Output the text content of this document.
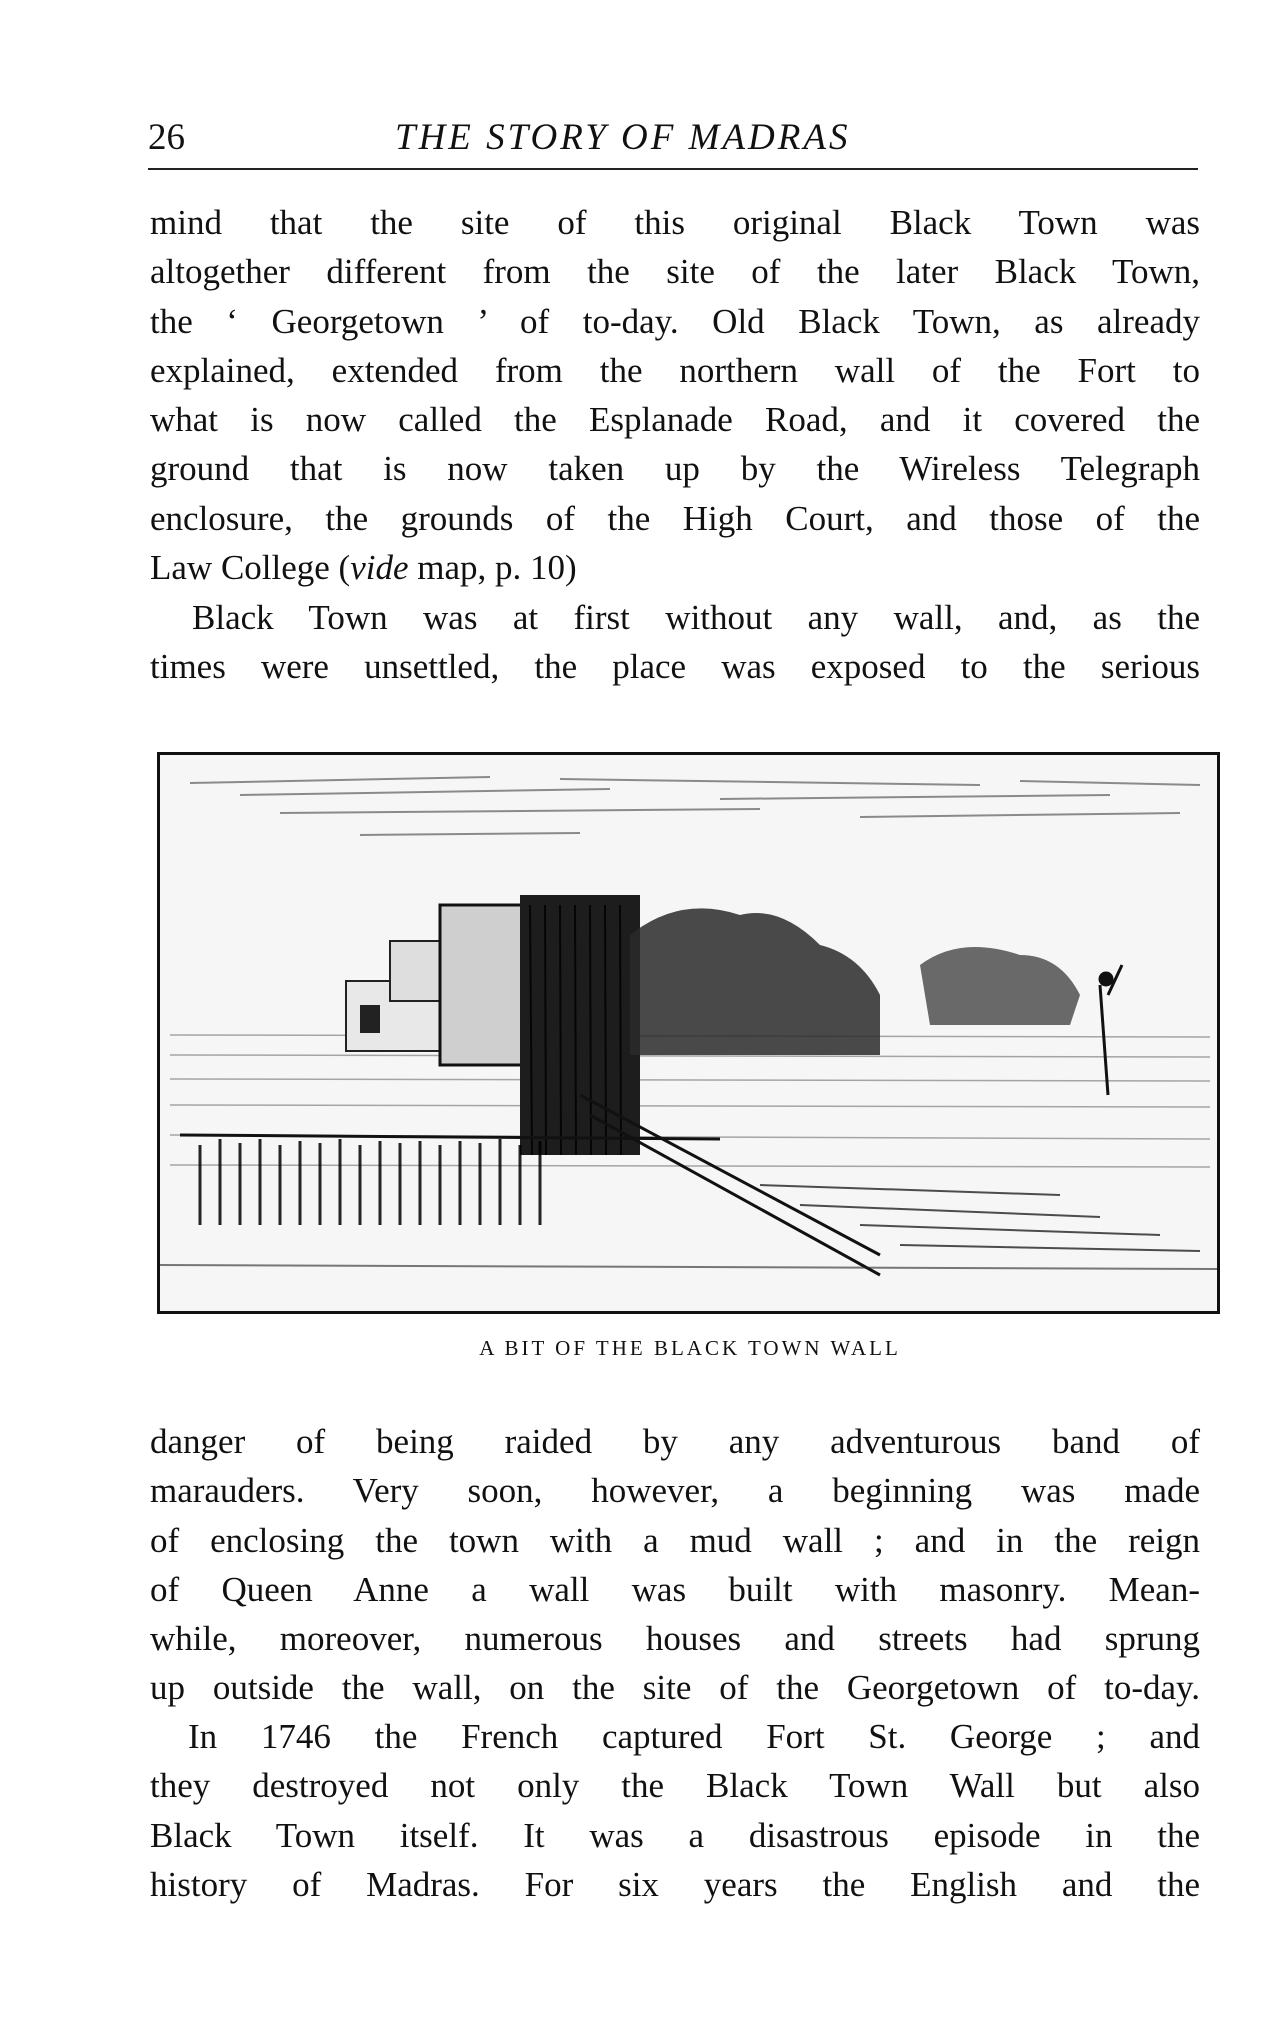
26	THE STORY OF MADRAS
mind that the site of this original Black Town was
altogether different from the site of the later Black Town,
the ‘ Georgetown ’ of to-day. Old Black Town, as already
explained, extended from the northern wall of the Fort to
what is now called the Esplanade Road, and it covered the
ground that is now taken up by the Wireless Telegraph
enclosure, the grounds of the High Court, and those of the
Law College (vide map, p. 10)
Black Town was at first without any wall, and, as the
times were unsettled, the place was exposed to the serious
A BIT OF THE BLACK TOWN WALL
danger of being raided by any adventurous band of
marauders. Very soon, however, a beginning was made
of enclosing the town with a mud wall ; and in the reign
of Queen Anne a wall was built with masonry. Mean-
while, moreover, numerous houses and streets had sprung
up outside the wall, on the site of the Georgetown of to-day.
In 1746 the French captured Fort St. George ; and
they destroyed not only the Black Town Wall but also
Black Town itself. It was a disastrous episode in the
history of Madras. For six years the English and the
